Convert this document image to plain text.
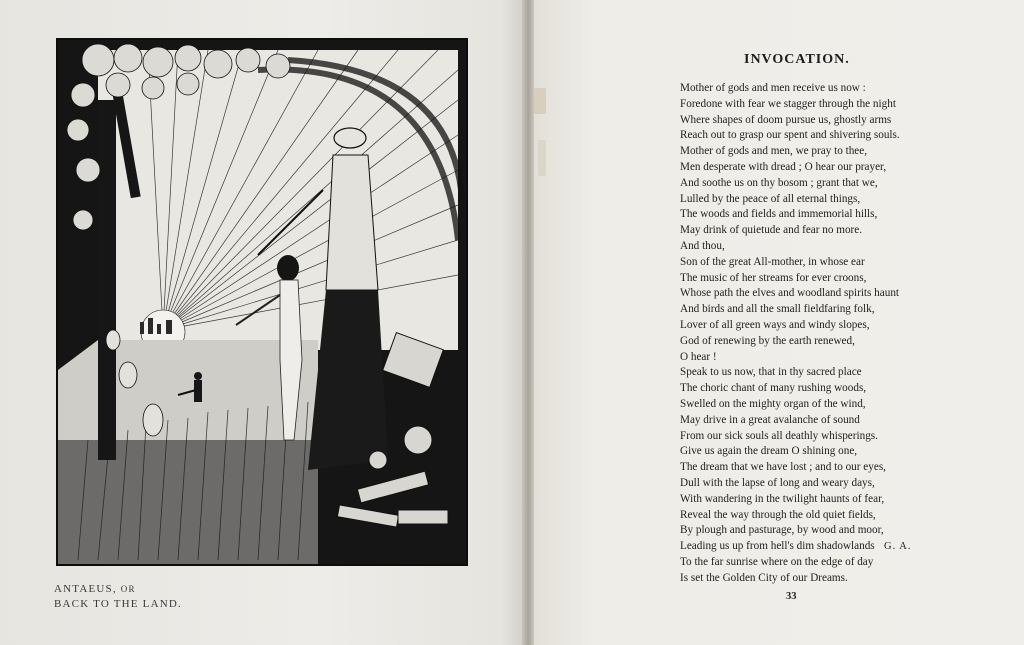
ANTAEUS, OR
BACK TO THE LAND.
INVOCATION.
Mother of gods and men receive us now :
Foredone with fear we stagger through the night
Where shapes of doom pursue us, ghostly arms
Reach out to grasp our spent and shivering souls.
Mother of gods and men, we pray to thee,
Men desperate with dread ; O hear our prayer,
And soothe us on thy bosom ; grant that we,
Lulled by the peace of all eternal things,
The woods and fields and immemorial hills,
May drink of quietude and fear no more.
And thou,
Son of the great All-mother, in whose ear
The music of her streams for ever croons,
Whose path the elves and woodland spirits haunt
And birds and all the small fieldfaring folk,
Lover of all green ways and windy slopes,
God of renewing by the earth renewed,
O hear !
Speak to us now, that in thy sacred place
The choric chant of many rushing woods,
Swelled on the mighty organ of the wind,
May drive in a great avalanche of sound
From our sick souls all deathly whisperings.
Give us again the dream O shining one,
The dream that we have lost ; and to our eyes,
Dull with the lapse of long and weary days,
With wandering in the twilight haunts of fear,
Reveal the way through the old quiet fields,
By plough and pasturage, by wood and moor,
Leading us up from hell's dim shadowlands
To the far sunrise where on the edge of day
Is set the Golden City of our Dreams.
G. A.
33
